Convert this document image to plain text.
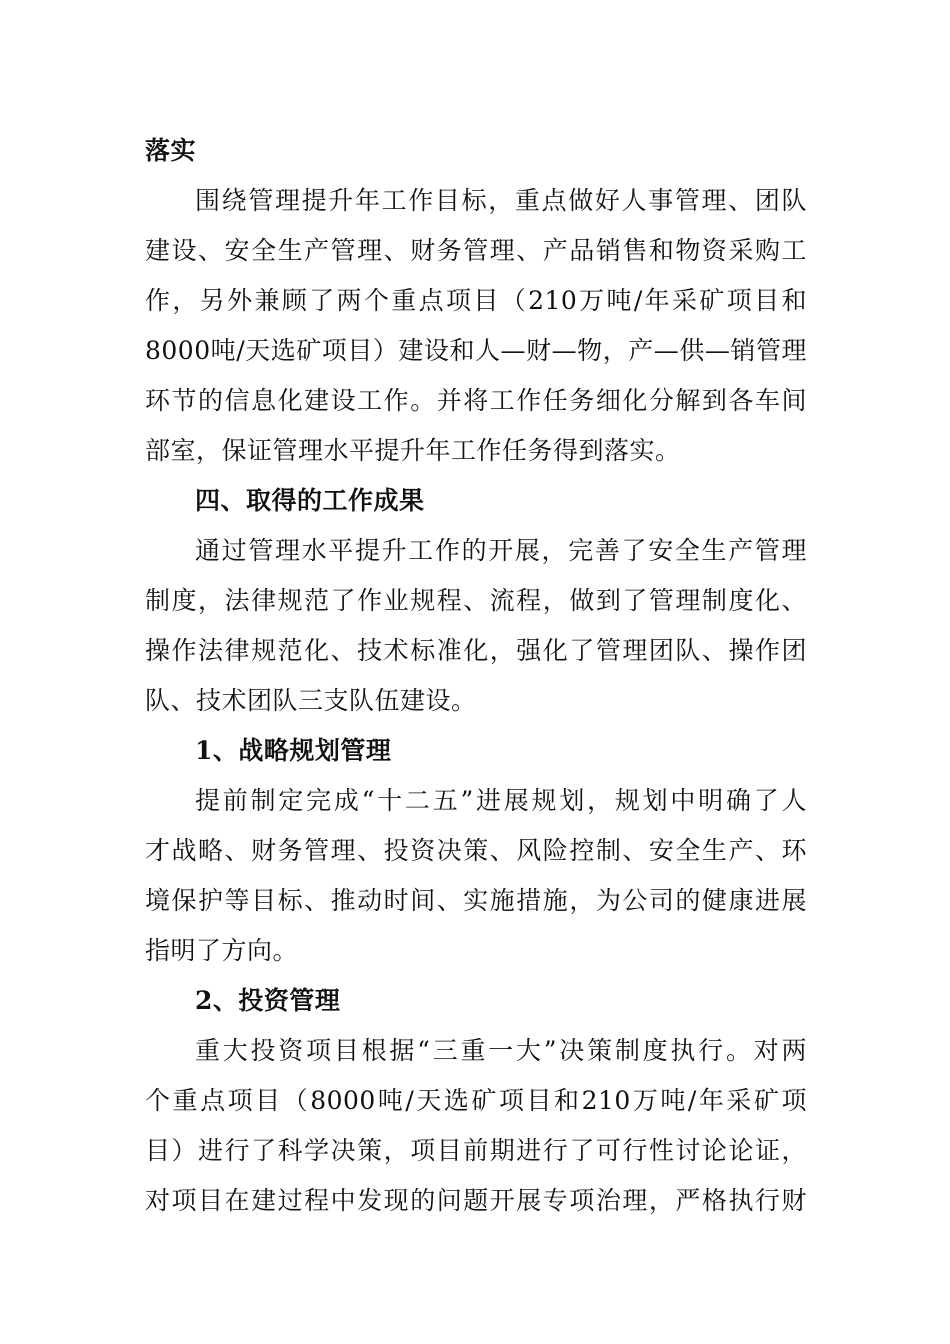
落实
围绕管理提升年工作目标，重点做好人事管理、团队
建设、安全生产管理、财务管理、产品销售和物资采购工
作，另外兼顾了两个重点项目（210万吨/年采矿项目和
8000吨/天选矿项目）建设和人—财—物，产—供—销管理
环节的信息化建设工作。并将工作任务细化分解到各车间
部室，保证管理水平提升年工作任务得到落实。
四、取得的工作成果
通过管理水平提升工作的开展，完善了安全生产管理
制度，法律规范了作业规程、流程，做到了管理制度化、
操作法律规范化、技术标准化，强化了管理团队、操作团
队、技术团队三支队伍建设。
1、战略规划管理
提前制定完成“十二五”进展规划，规划中明确了人
才战略、财务管理、投资决策、风险控制、安全生产、环
境保护等目标、推动时间、实施措施，为公司的健康进展
指明了方向。
2、投资管理
重大投资项目根据“三重一大”决策制度执行。对两
个重点项目（8000吨/天选矿项目和210万吨/年采矿项
目）进行了科学决策，项目前期进行了可行性讨论论证，
对项目在建过程中发现的问题开展专项治理，严格执行财
